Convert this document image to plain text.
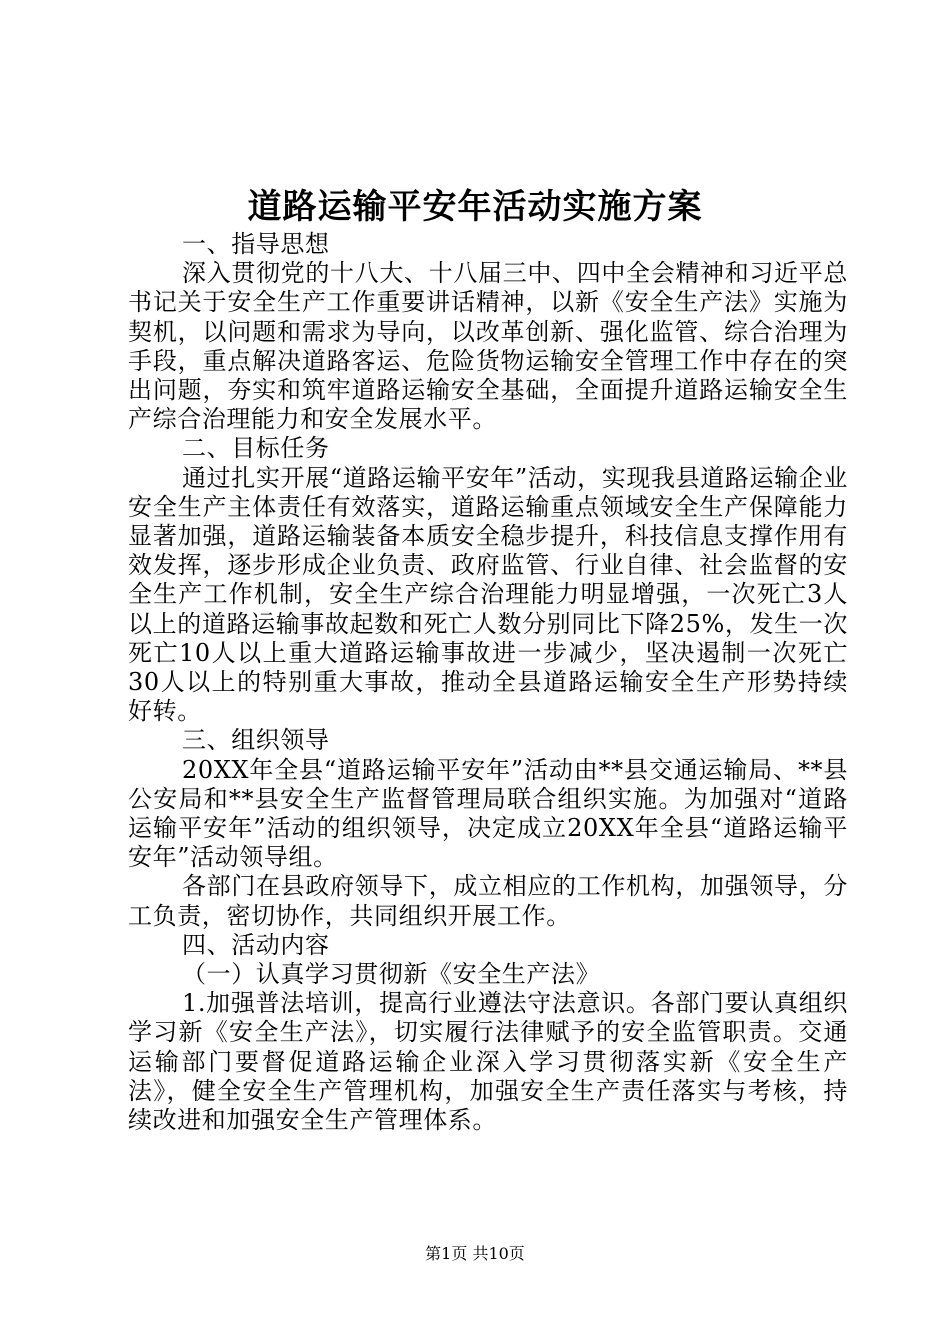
道路运输平安年活动实施方案

一、指导思想

深入贯彻党的十八大、十八届三中、四中全会精神和习近平总书记关于安全生产工作重要讲话精神，以新《安全生产法》实施为契机，以问题和需求为导向，以改革创新、强化监管、综合治理为手段，重点解决道路客运、危险货物运输安全管理工作中存在的突出问题，夯实和筑牢道路运输安全基础，全面提升道路运输安全生产综合治理能力和安全发展水平。

二、目标任务

通过扎实开展“道路运输平安年”活动，实现我县道路运输企业安全生产主体责任有效落实，道路运输重点领域安全生产保障能力显著加强，道路运输装备本质安全稳步提升，科技信息支撑作用有效发挥，逐步形成企业负责、政府监管、行业自律、社会监督的安全生产工作机制，安全生产综合治理能力明显增强，一次死亡3人以上的道路运输事故起数和死亡人数分别同比下降25%，发生一次死亡10人以上重大道路运输事故进一步减少，坚决遏制一次死亡30人以上的特别重大事故，推动全县道路运输安全生产形势持续好转。

三、组织领导

20XX年全县“道路运输平安年”活动由**县交通运输局、**县公安局和**县安全生产监督管理局联合组织实施。为加强对“道路运输平安年”活动的组织领导，决定成立20XX年全县“道路运输平安年”活动领导组。

各部门在县政府领导下，成立相应的工作机构，加强领导，分工负责，密切协作，共同组织开展工作。

四、活动内容

（一）认真学习贯彻新《安全生产法》

1.加强普法培训，提高行业遵法守法意识。各部门要认真组织学习新《安全生产法》，切实履行法律赋予的安全监管职责。交通运输部门要督促道路运输企业深入学习贯彻落实新《安全生产法》，健全安全生产管理机构，加强安全生产责任落实与考核，持续改进和加强安全生产管理体系。

第1页 共10页
